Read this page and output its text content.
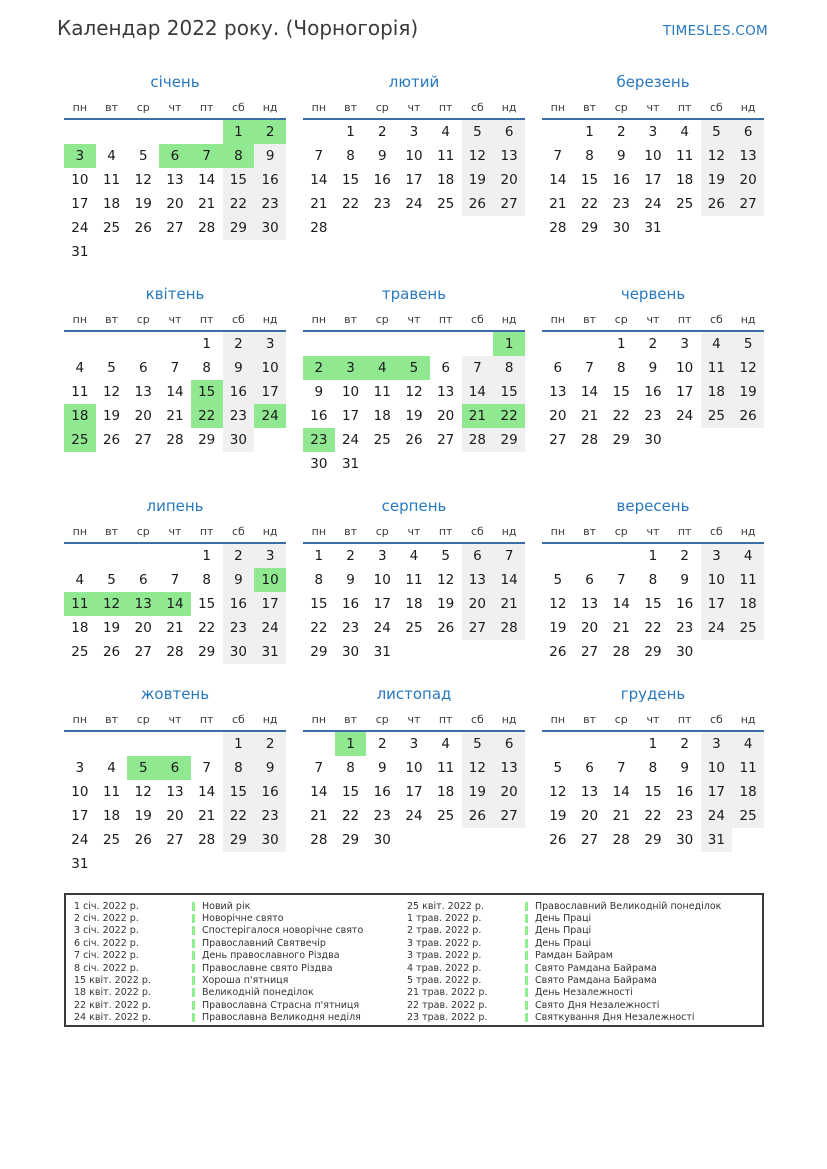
Календар 2022 року. (Чорногорія)	TIMESLES.COM
січень
пн	вт	ср	чт	пт	сб	нд
					1	2
3	4	5	6	7	8	9
10	11	12	13	14	15	16
17	18	19	20	21	22	23
24	25	26	27	28	29	30
31						
лютий
пн	вт	ср	чт	пт	сб	нд
	1	2	3	4	5	6
7	8	9	10	11	12	13
14	15	16	17	18	19	20
21	22	23	24	25	26	27
28						
березень
пн	вт	ср	чт	пт	сб	нд
	1	2	3	4	5	6
7	8	9	10	11	12	13
14	15	16	17	18	19	20
21	22	23	24	25	26	27
28	29	30	31			
квітень
пн	вт	ср	чт	пт	сб	нд
				1	2	3
4	5	6	7	8	9	10
11	12	13	14	15	16	17
18	19	20	21	22	23	24
25	26	27	28	29	30	
травень
пн	вт	ср	чт	пт	сб	нд
						1
2	3	4	5	6	7	8
9	10	11	12	13	14	15
16	17	18	19	20	21	22
23	24	25	26	27	28	29
30	31					
червень
пн	вт	ср	чт	пт	сб	нд
		1	2	3	4	5
6	7	8	9	10	11	12
13	14	15	16	17	18	19
20	21	22	23	24	25	26
27	28	29	30			
липень
пн	вт	ср	чт	пт	сб	нд
				1	2	3
4	5	6	7	8	9	10
11	12	13	14	15	16	17
18	19	20	21	22	23	24
25	26	27	28	29	30	31
серпень
пн	вт	ср	чт	пт	сб	нд
1	2	3	4	5	6	7
8	9	10	11	12	13	14
15	16	17	18	19	20	21
22	23	24	25	26	27	28
29	30	31				
вересень
пн	вт	ср	чт	пт	сб	нд
			1	2	3	4
5	6	7	8	9	10	11
12	13	14	15	16	17	18
19	20	21	22	23	24	25
26	27	28	29	30		
жовтень
пн	вт	ср	чт	пт	сб	нд
					1	2
3	4	5	6	7	8	9
10	11	12	13	14	15	16
17	18	19	20	21	22	23
24	25	26	27	28	29	30
31						
листопад
пн	вт	ср	чт	пт	сб	нд
	1	2	3	4	5	6
7	8	9	10	11	12	13
14	15	16	17	18	19	20
21	22	23	24	25	26	27
28	29	30				
грудень
пн	вт	ср	чт	пт	сб	нд
			1	2	3	4
5	6	7	8	9	10	11
12	13	14	15	16	17	18
19	20	21	22	23	24	25
26	27	28	29	30	31	
1 січ. 2022 р.	Новий рік
2 січ. 2022 р.	Новорічне свято
3 січ. 2022 р.	Спостерігалося новорічне свято
6 січ. 2022 р.	Православний Святвечір
7 січ. 2022 р.	День православного Різдва
8 січ. 2022 р.	Православне свято Різдва
15 квіт. 2022 р.	Хороша п'ятниця
18 квіт. 2022 р.	Великодній понеділок
22 квіт. 2022 р.	Православна Страсна п'ятниця
24 квіт. 2022 р.	Православна Великодня неділя
25 квіт. 2022 р.	Православний Великодній понеділок
1 трав. 2022 р.	День Праці
2 трав. 2022 р.	День Праці
3 трав. 2022 р.	День Праці
3 трав. 2022 р.	Рамдан Байрам
4 трав. 2022 р.	Свято Рамдана Байрама
5 трав. 2022 р.	Свято Рамдана Байрама
21 трав. 2022 р.	День Незалежності
22 трав. 2022 р.	Свято Дня Незалежності
23 трав. 2022 р.	Святкування Дня Незалежності
